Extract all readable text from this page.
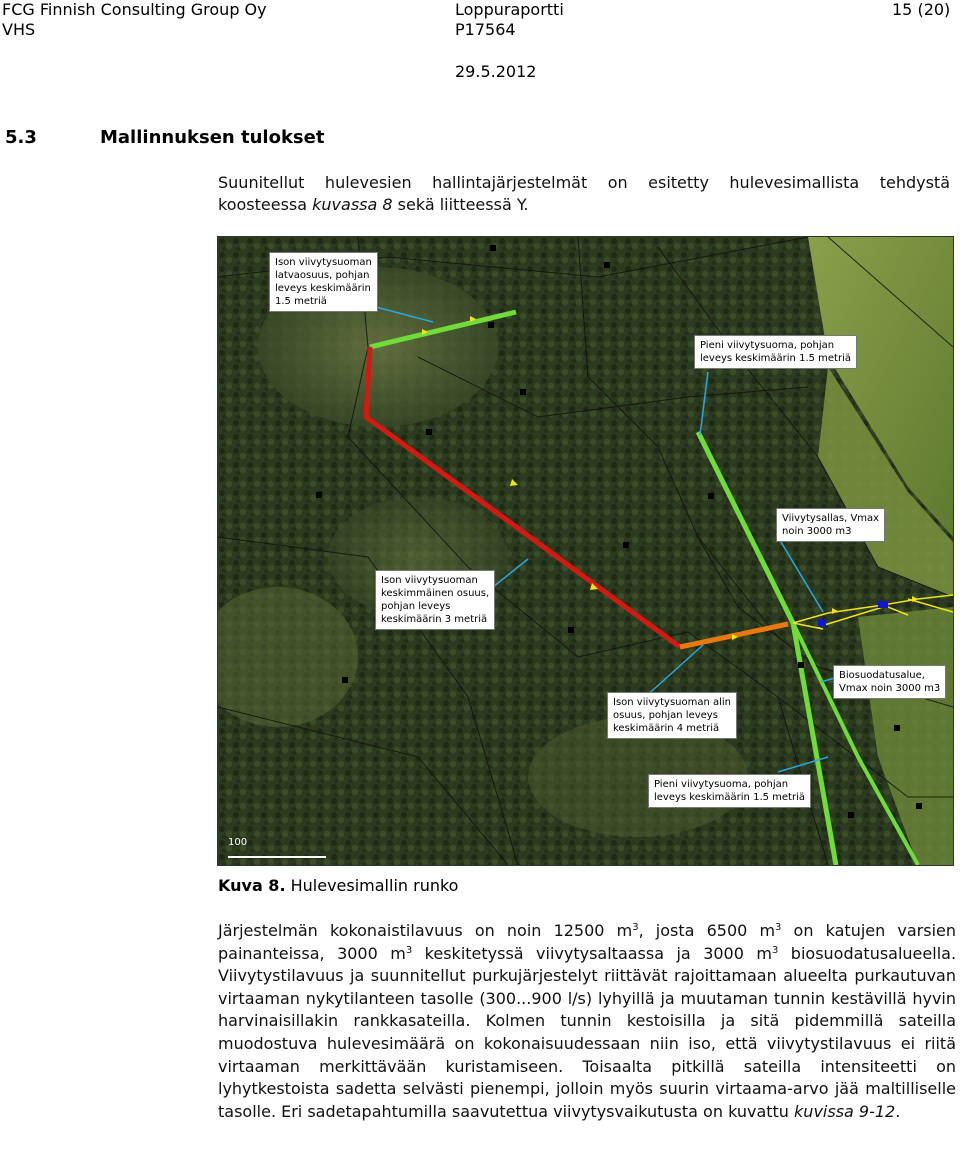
FCG Finnish Consulting Group Oy
VHS
Loppuraportti
P17564
15 (20)
29.5.2012
5.3	Mallinnuksen tulokset
Suunitellut hulevesien hallintajärjestelmät on esitetty hulevesimallista tehdystä koosteessa kuvassa 8 sekä liitteessä Y.
100
Ison viivytysuoman
latvaosuus, pohjan
leveys keskimäärin
1.5 metriä
Pieni viivytysuoma, pohjan
leveys keskimäärin 1.5 metriä
Viivytysallas, Vmax
noin 3000 m3
Ison viivytysuoman
keskimmäinen osuus,
pohjan leveys
keskimäärin 3 metriä
Biosuodatusalue,
Vmax noin 3000 m3
Ison viivytysuoman alin
osuus, pohjan leveys
keskimäärin 4 metriä
Pieni viivytysuoma, pohjan
leveys keskimäärin 1.5 metriä
Kuva 8. Hulevesimallin runko
Järjestelmän kokonaistilavuus on noin 12500 $m^3$, josta 6500 $m^3$ on katujen varsien painanteissa, 3000 $m^3$ keskitetyssä viivytysaltaassa ja 3000 $m^3$ biosuodatusalueella. Viivytystilavuus ja suunnitellut purkujärjestelyt riittävät rajoittamaan alueelta purkautuvan virtaaman nykytilanteen tasolle (300...900 l/s) lyhyillä ja muutaman tunnin kestävillä hyvin harvinaisillakin rankkasateilla. Kolmen tunnin kestoisilla ja sitä pidemmillä sateilla muodostuva hulevesimäärä on kokonaisuudessaan niin iso, että viivytystilavuus ei riitä virtaaman merkittävään kuristamiseen. Toisaalta pitkillä sateilla intensiteetti on lyhytkestoista sadetta selvästi pienempi, jolloin myös suurin virtaama-arvo jää maltilliselle tasolle. Eri sadetapahtumilla saavutettua viivytysvaikutusta on kuvattu kuvissa 9-12.
